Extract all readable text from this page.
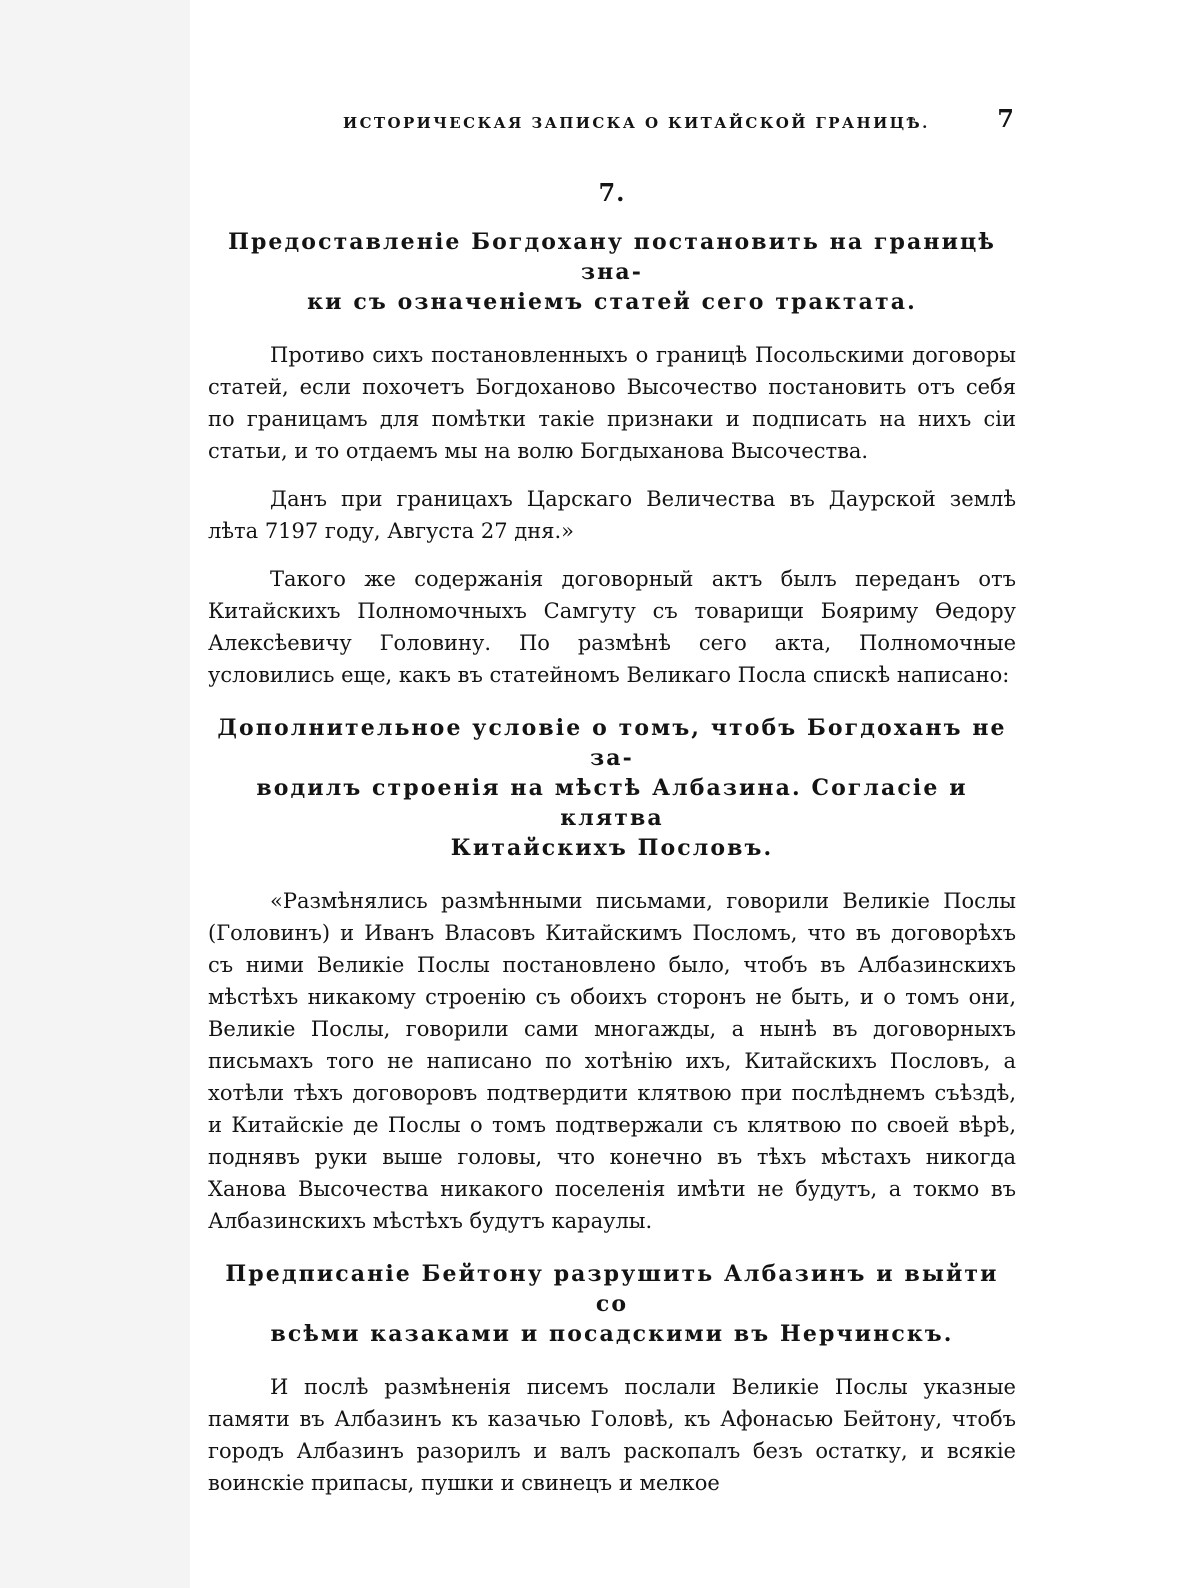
ИСТОРИЧЕСКАЯ ЗАПИСКА О КИТАЙСКОЙ ГРАНИЦѢ.	7
7.

Предоставленіе Богдохану постановить на границѣ зна-

ки съ означеніемъ статей сего трактата.

Противо сихъ постановленныхъ о границѣ Посольскими договоры статей, если похочетъ Богдоханово Высочество постановить отъ себя по границамъ для помѣтки такіе признаки и подписать на нихъ сіи статьи, и то отдаемъ мы на волю Богдыханова Высочества.

Данъ при границахъ Царскаго Величества въ Даурской землѣ лѣта 7197 году, Августа 27 дня.»

Такого же содержанія договорный актъ былъ переданъ отъ Китайскихъ Полномочныхъ Самгуту съ товарищи Бояриму Ѳедору Алексѣевичу Головину. По размѣнѣ сего акта, Полномочные условились еще, какъ въ статейномъ Великаго Посла спискѣ написано:

Дополнительное условіе о томъ, чтобъ Богдоханъ не за-

водилъ строенія на мѣстѣ Албазина. Согласіе и клятва

Китайскихъ Пословъ.

«Размѣнялись размѣнными письмами, говорили Великіе Послы (Головинъ) и Иванъ Власовъ Китайскимъ Посломъ, что въ договорѣхъ съ ними Великіе Послы постановлено было, чтобъ въ Албазинскихъ мѣстѣхъ никакому строенію съ обоихъ сторонъ не быть, и о томъ они, Великіе Послы, говорили сами многажды, а нынѣ въ договорныхъ письмахъ того не написано по хотѣнію ихъ, Китайскихъ Пословъ, а хотѣли тѣхъ договоровъ подтвердити клятвою при послѣднемъ съѣздѣ, и Китайскіе де Послы о томъ подтвержали съ клятвою по своей вѣрѣ, поднявъ руки выше головы, что конечно въ тѣхъ мѣстахъ никогда Ханова Высочества никакого поселенія имѣти не будутъ, а токмо въ Албазинскихъ мѣстѣхъ будутъ караулы.

Предписаніе Бейтону разрушить Албазинъ и выйти со

всѣми казаками и посадскими въ Нерчинскъ.

И послѣ размѣненія писемъ послали Великіе Послы указные памяти въ Албазинъ къ казачью Головѣ, къ Афонасью Бейтону, чтобъ городъ Албазинъ разорилъ и валъ раскопалъ безъ остатку, и всякіе воинскіе припасы, пушки и свинецъ и мелкое
